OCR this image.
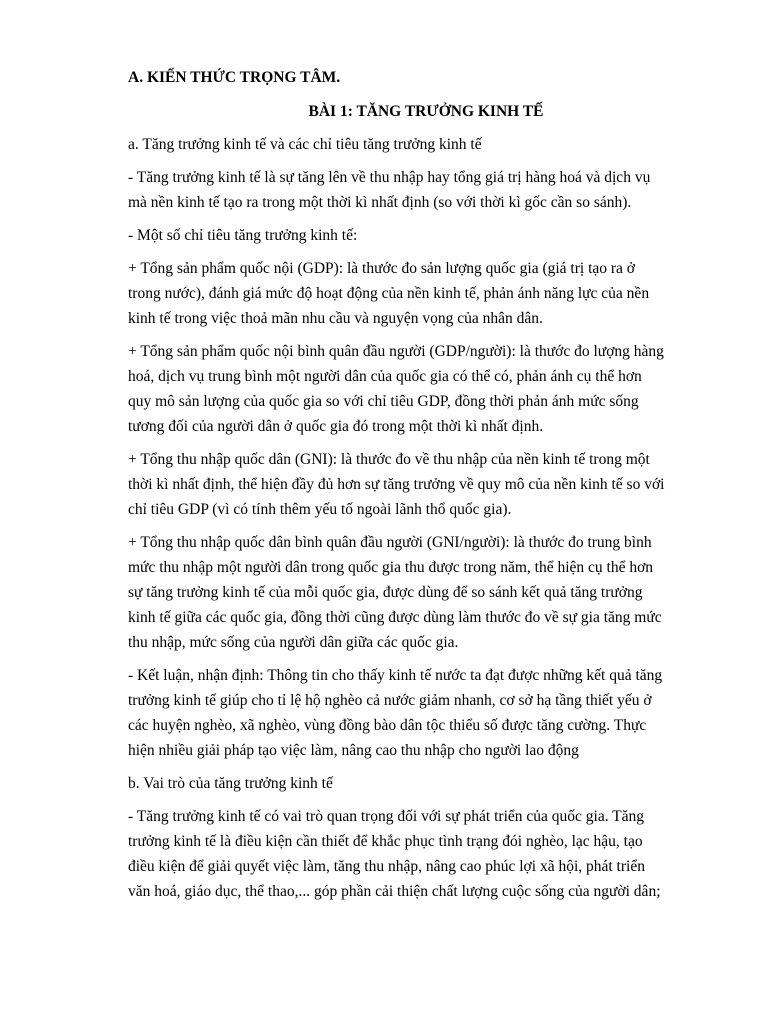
A. KIẾN THỨC TRỌNG TÂM.
BÀI 1: TĂNG TRƯỞNG KINH TẾ

a. Tăng trưởng kinh tế và các chỉ tiêu tăng trưởng kinh tế

- Tăng trưởng kinh tế là sự tăng lên về thu nhập hay tổng giá trị hàng hoá và dịch vụ
mà nền kinh tế tạo ra trong một thời kì nhất định (so với thời kì gốc cần so sánh).

- Một số chỉ tiêu tăng trưởng kinh tế:

+ Tổng sản phẩm quốc nội (GDP): là thước đo sản lượng quốc gia (giá trị tạo ra ở
trong nước), đánh giá mức độ hoạt động của nền kinh tế, phản ánh năng lực của nền
kinh tế trong việc thoả mãn nhu cầu và nguyện vọng của nhân dân.

+ Tổng sản phẩm quốc nội bình quân đầu người (GDP/người): là thước đo lượng hàng
hoá, dịch vụ trung bình một người dân của quốc gia có thể có, phản ánh cụ thể hơn
quy mô sản lượng của quốc gia so với chỉ tiêu GDP, đồng thời phản ánh mức sống
tương đối của người dân ở quốc gia đó trong một thời kì nhất định.

+ Tổng thu nhập quốc dân (GNI): là thước đo về thu nhập của nền kinh tế trong một
thời kì nhất định, thể hiện đầy đủ hơn sự tăng trưởng về quy mô của nền kinh tế so với
chỉ tiêu GDP (vì có tính thêm yếu tố ngoài lãnh thổ quốc gia).

+ Tổng thu nhập quốc dân bình quân đầu người (GNI/người): là thước đo trung bình
mức thu nhập một người dân trong quốc gia thu được trong năm, thể hiện cụ thể hơn
sự tăng trưởng kinh tế của mỗi quốc gia, được dùng để so sánh kết quả tăng trưởng
kinh tế giữa các quốc gia, đồng thời cũng được dùng làm thước đo về sự gia tăng mức
thu nhập, mức sống của người dân giữa các quốc gia.

- Kết luận, nhận định: Thông tin cho thấy kinh tế nước ta đạt được những kết quả tăng
trưởng kinh tế giúp cho tỉ lệ hộ nghèo cả nước giảm nhanh, cơ sở hạ tầng thiết yếu ở
các huyện nghèo, xã nghèo, vùng đồng bào dân tộc thiểu số được tăng cường. Thực
hiện nhiều giải pháp tạo việc làm, nâng cao thu nhập cho người lao động

b. Vai trò của tăng trưởng kinh tế

- Tăng trưởng kinh tế có vai trò quan trọng đối với sự phát triển của quốc gia. Tăng
trưởng kinh tế là điều kiện cần thiết để khắc phục tình trạng đói nghèo, lạc hậu, tạo
điều kiện để giải quyết việc làm, tăng thu nhập, nâng cao phúc lợi xã hội, phát triển
văn hoá, giáo dục, thể thao,... góp phần cải thiện chất lượng cuộc sống của người dân;
